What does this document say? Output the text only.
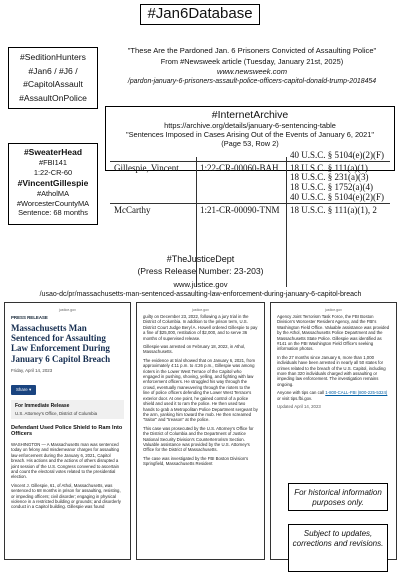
#Jan6Database
#SeditionHunters
#Jan6 / #J6 /
#CapitolAssault
#AssaultOnPolice
"These Are the Pardoned Jan. 6 Prisoners Convicted of Assaulting Police"
From #Newsweek article (Tuesday, January 21st, 2025)
www.newsweek.com
/pardon-january-6-prisoners-assault-police-officers-capitol-donald-trump-2018454
#InternetArchive
https://archive.org/details/january-6-sentencing-table
"Sentences Imposed in Cases Arising Out of the Events of January 6, 2021"
(Page 53, Row 2)
40 U.S.C. § 5104(e)(2)(F)
Gillespie, Vincent 1:22-CR-00060-BAH 18 U.S.C. § 111(a)(1)
18 U.S.C. § 231(a)(3)
18 U.S.C. § 1752(a)(4)
40 U.S.C. § 5104(e)(2)(F)
McCarthy	1:21-CR-00090-TNM 18 U.S.C. § 111(a)(1), 2
#SweaterHead
#FBI141
1:22-CR-60
#VincentGillespie
#AtholMA
#WorcesterCountyMA
Sentence: 68 months
#TheJusticeDept
(Press Release Number: 23-203)
www.justice.gov
/usao-dc/pr/massachusetts-man-sentenced-assaulting-law-enforcement-during-january-6-capitol-breach
justice.gov
PRESS RELEASE
Massachusetts Man Sentenced for Assaulting Law Enforcement During January 6 Capitol Breach
Friday, April 14, 2023
Share ▾
For Immediate Release
U.S. Attorney's Office, District of Columbia
Defendant Used Police Shield to Ram Into Officers

WASHINGTON — A Massachusetts man was sentenced today on felony and misdemeanor charges for assaulting law enforcement during the January 6, 2021, Capitol breach. His actions and the actions of others disrupted a joint session of the U.S. Congress convened to ascertain and count the electoral votes related to the presidential election.

Vincent J. Gillespie, 61, of Athol, Massachusetts, was sentenced to 68 months in prison for assaulting, resisting, or impeding officers; civil disorder; engaging in physical violence in a restricted building or grounds; and disorderly conduct in a Capitol building. Gillespie was found

justice.gov

guilty on December 23, 2022, following a jury trial in the District of Columbia. In addition to the prison term, U.S. District Court Judge Beryl A. Howell ordered Gillespie to pay a fine of $25,000, restitution of $2,000, and to serve 36 months of supervised release.

Gillespie was arrested on February 18, 2022, in Athol, Massachusetts.

The evidence at trial showed that on January 6, 2021, from approximately 4:11 p.m. to 4:26 p.m., Gillespie was among rioters in the Lower West Terrace of the Capitol who engaged in pushing, shoving, yelling, and fighting with law enforcement officers. He struggled his way through the crowd, eventually maneuvering through the rioters to the line of police officers defending the Lower West Terrace's exterior door. At one point, he gained control of a police shield and used it to ram the police. He then used two hands to grab a Metropolitan Police Department sergeant by the arm, yanking him toward the mob. He then screamed "traitor" and "treason" at the police.

This case was prosecuted by the U.S. Attorney's Office for the District of Columbia and the Department of Justice National Security Division's Counterterrorism Section. Valuable assistance was provided by the U.S. Attorney's Office for the District of Massachusetts.

The case was investigated by the FBI Boston Division's Springfield, Massachusetts Resident

justice.gov

Agency Joint Terrorism Task Force, the FBI Boston Division's Worcester Resident Agency, and the FBI's Washington Field Office. Valuable assistance was provided by the Athol, Massachusetts Police Department and the Massachusetts State Police. Gillespie was identified as #141 on the FBI Washington Field Office's seeking information photos.

In the 27 months since January 6, more than 1,000 individuals have been arrested in nearly all 50 states for crimes related to the breach of the U.S. Capitol, including more than 320 individuals charged with assaulting or impeding law enforcement. The investigation remains ongoing.

Anyone with tips can call 1-800-CALL-FBI (800-225-5324) or visit tips.fbi.gov.

Updated April 14, 2023
For historical information purposes only.
Subject to updates, corrections and revisions.
